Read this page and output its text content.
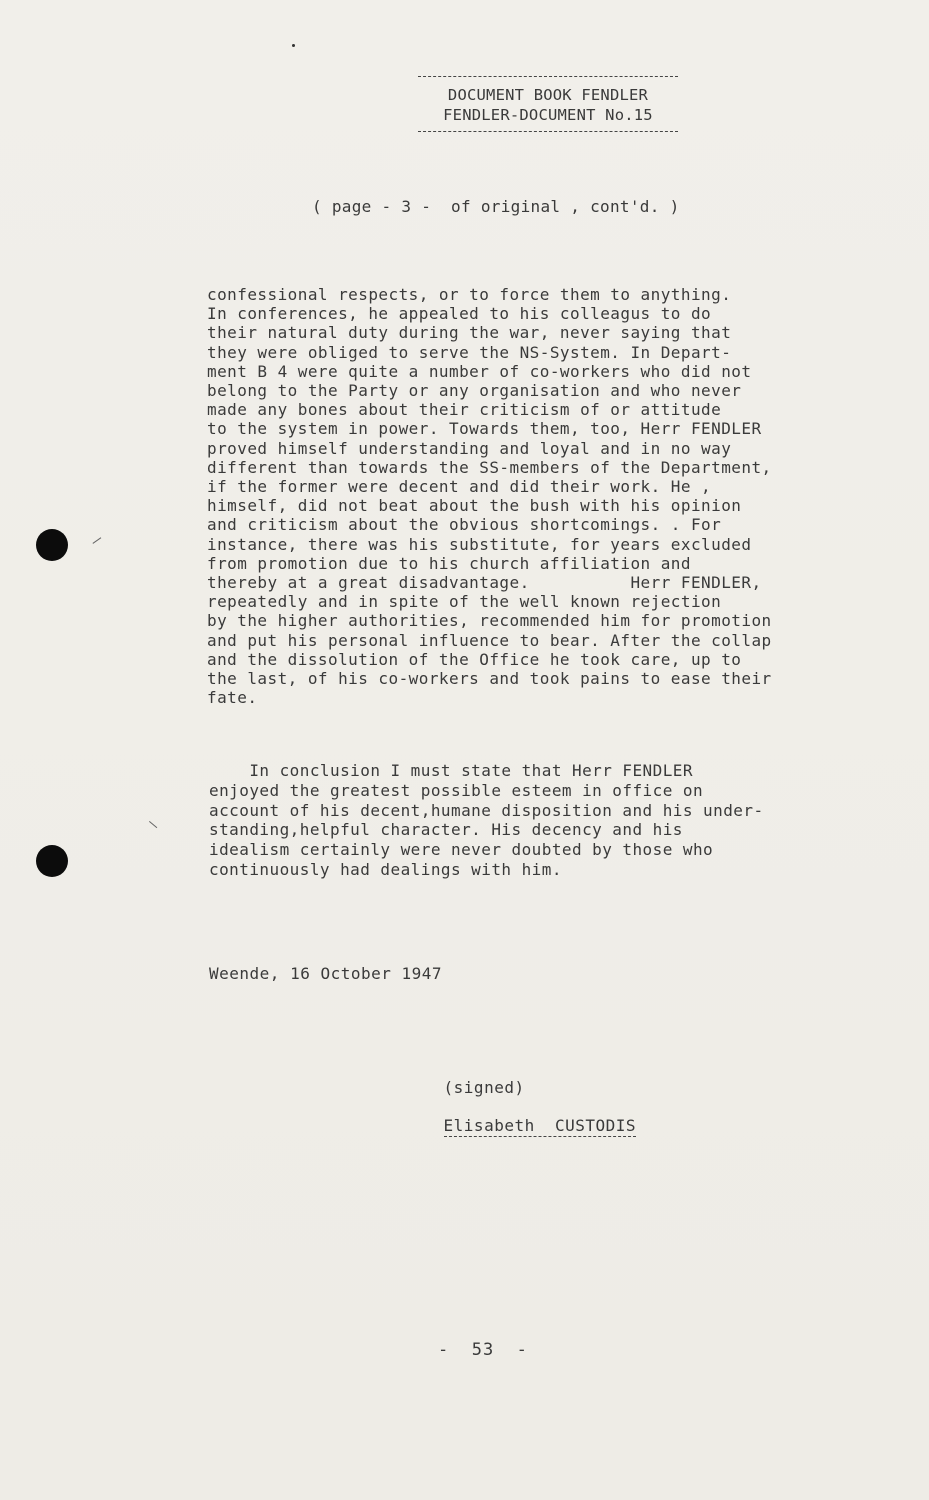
DOCUMENT BOOK FENDLER
FENDLER-DOCUMENT No.15
( page - 3 -  of original , cont'd. )
confessional respects, or to force them to anything.
In conferences, he appealed to his colleagus to do
their natural duty during the war, never saying that
they were obliged to serve the NS-System. In Depart-
ment B 4 were quite a number of co-workers who did not
belong to the Party or any organisation and who never
made any bones about their criticism of or attitude
to the system in power. Towards them, too, Herr FENDLER
proved himself understanding and loyal and in no way
different than towards the SS-members of the Department,
if the former were decent and did their work. He ,
himself, did not beat about the bush with his opinion
and criticism about the obvious shortcomings. . For
instance, there was his substitute, for years excluded
from promotion due to his church affiliation and
thereby at a great disadvantage.          Herr FENDLER,
repeatedly and in spite of the well known rejection
by the higher authorities, recommended him for promotion
and put his personal influence to bear. After the collap
and the dissolution of the Office he took care, up to
the last, of his co-workers and took pains to ease their
fate.
In conclusion I must state that Herr FENDLER
enjoyed the greatest possible esteem in office on
account of his decent,humane disposition and his under-
standing,helpful character. His decency and his
idealism certainly were never doubted by those who
continuously had dealings with him.
Weende, 16 October 1947

(signed)

Elisabeth  CUSTODIS

-  53  -
